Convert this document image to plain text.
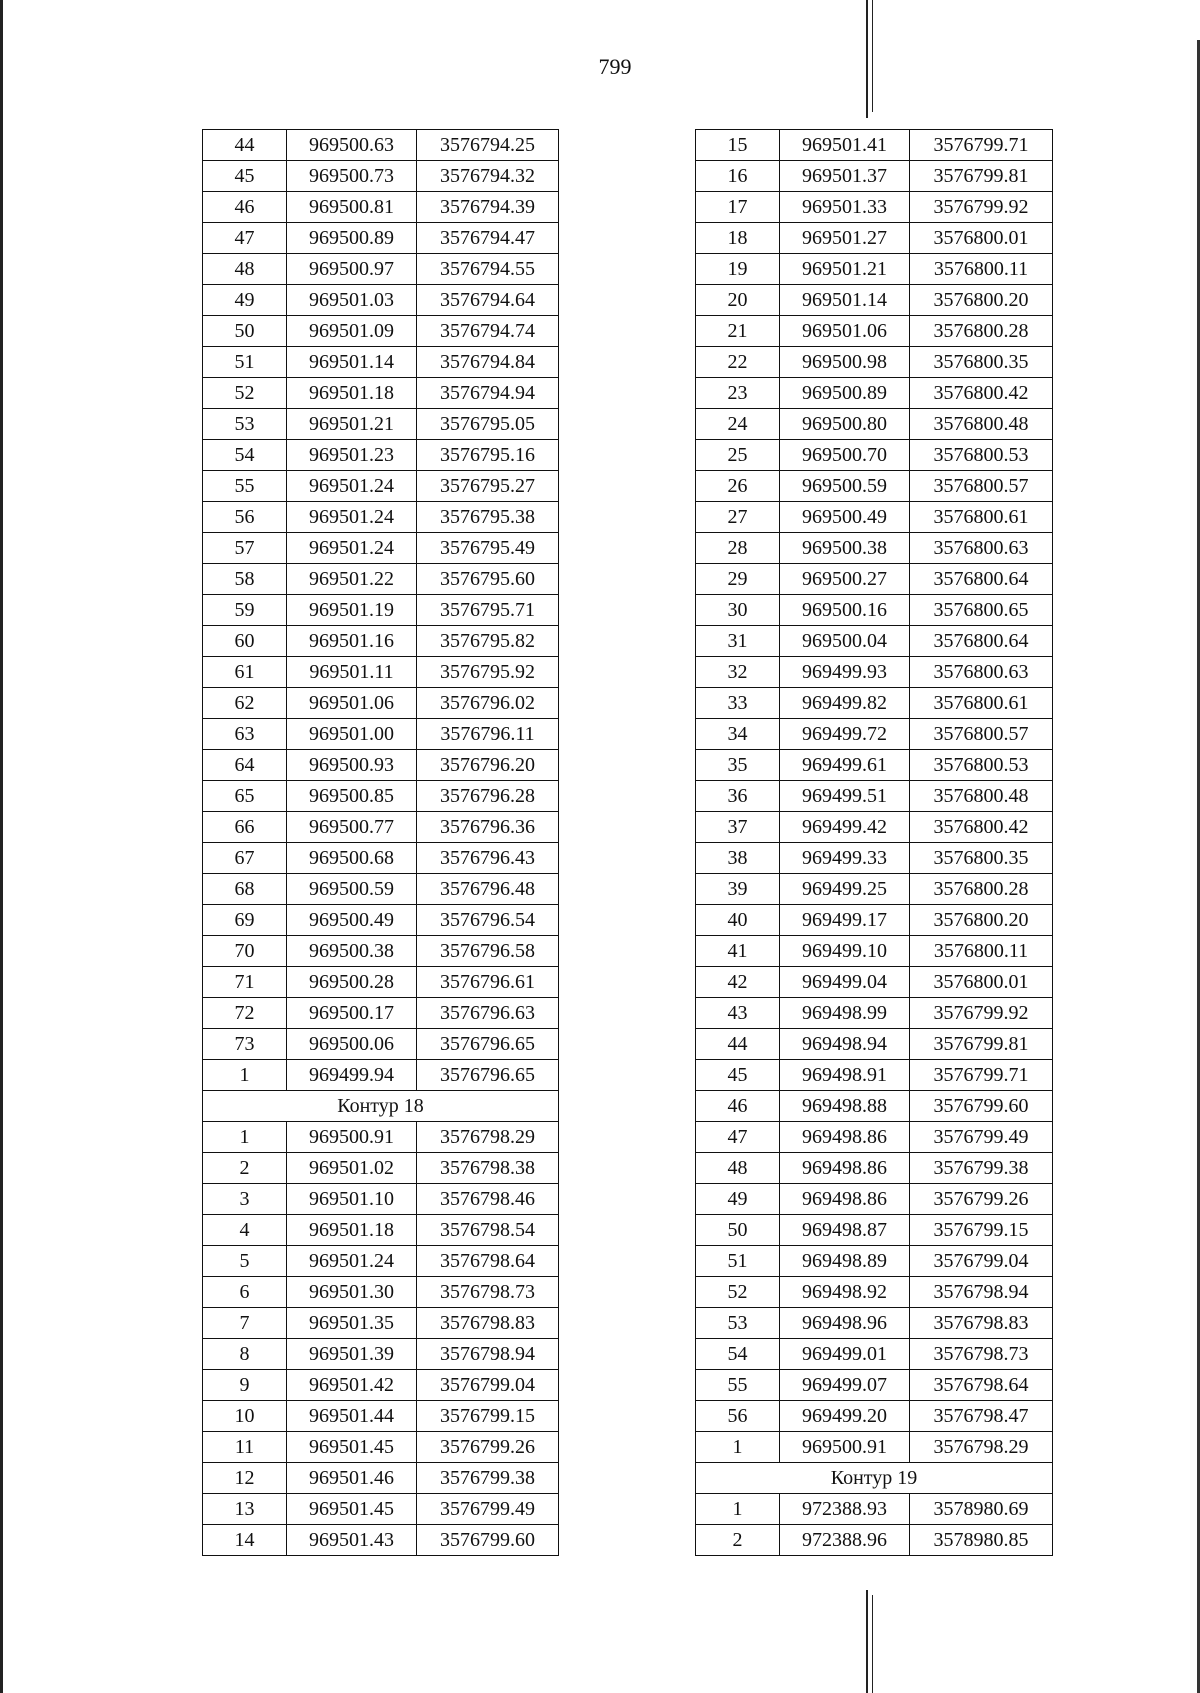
799
44	969500.63	3576794.25
45	969500.73	3576794.32
46	969500.81	3576794.39
47	969500.89	3576794.47
48	969500.97	3576794.55
49	969501.03	3576794.64
50	969501.09	3576794.74
51	969501.14	3576794.84
52	969501.18	3576794.94
53	969501.21	3576795.05
54	969501.23	3576795.16
55	969501.24	3576795.27
56	969501.24	3576795.38
57	969501.24	3576795.49
58	969501.22	3576795.60
59	969501.19	3576795.71
60	969501.16	3576795.82
61	969501.11	3576795.92
62	969501.06	3576796.02
63	969501.00	3576796.11
64	969500.93	3576796.20
65	969500.85	3576796.28
66	969500.77	3576796.36
67	969500.68	3576796.43
68	969500.59	3576796.48
69	969500.49	3576796.54
70	969500.38	3576796.58
71	969500.28	3576796.61
72	969500.17	3576796.63
73	969500.06	3576796.65
1	969499.94	3576796.65
Контур 18		
1	969500.91	3576798.29
2	969501.02	3576798.38
3	969501.10	3576798.46
4	969501.18	3576798.54
5	969501.24	3576798.64
6	969501.30	3576798.73
7	969501.35	3576798.83
8	969501.39	3576798.94
9	969501.42	3576799.04
10	969501.44	3576799.15
11	969501.45	3576799.26
12	969501.46	3576799.38
13	969501.45	3576799.49
14	969501.43	3576799.60
15	969501.41	3576799.71
16	969501.37	3576799.81
17	969501.33	3576799.92
18	969501.27	3576800.01
19	969501.21	3576800.11
20	969501.14	3576800.20
21	969501.06	3576800.28
22	969500.98	3576800.35
23	969500.89	3576800.42
24	969500.80	3576800.48
25	969500.70	3576800.53
26	969500.59	3576800.57
27	969500.49	3576800.61
28	969500.38	3576800.63
29	969500.27	3576800.64
30	969500.16	3576800.65
31	969500.04	3576800.64
32	969499.93	3576800.63
33	969499.82	3576800.61
34	969499.72	3576800.57
35	969499.61	3576800.53
36	969499.51	3576800.48
37	969499.42	3576800.42
38	969499.33	3576800.35
39	969499.25	3576800.28
40	969499.17	3576800.20
41	969499.10	3576800.11
42	969499.04	3576800.01
43	969498.99	3576799.92
44	969498.94	3576799.81
45	969498.91	3576799.71
46	969498.88	3576799.60
47	969498.86	3576799.49
48	969498.86	3576799.38
49	969498.86	3576799.26
50	969498.87	3576799.15
51	969498.89	3576799.04
52	969498.92	3576798.94
53	969498.96	3576798.83
54	969499.01	3576798.73
55	969499.07	3576798.64
56	969499.20	3576798.47
1	969500.91	3576798.29
Контур 19		
1	972388.93	3578980.69
2	972388.96	3578980.85
